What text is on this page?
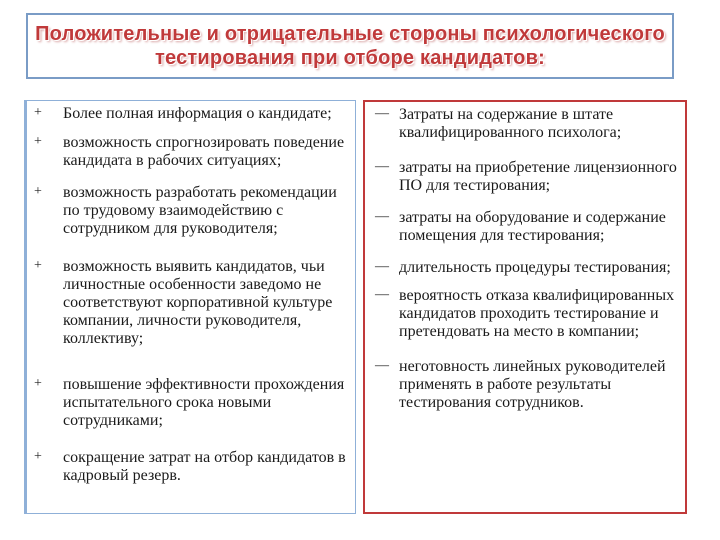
Положительные и отрицательные стороны психологического
тестирования при отборе кандидатов:
+ Более полная информация о кандидате;
+ возможность спрогнозировать поведение кандидата в рабочих ситуациях;
+ возможность разработать рекомендации по трудовому взаимодействию с сотрудником для руководителя;
+ возможность выявить кандидатов, чьи личностные особенности заведомо не соответствуют корпоративной культуре компании, личности руководителя, коллективу;
+ повышение эффективности прохождения испытательного срока новыми сотрудниками;
+ сокращение затрат на отбор кандидатов в кадровый резерв.
— Затраты на содержание в штате квалифицированного психолога;
— затраты на приобретение лицензионного ПО для тестирования;
— затраты на оборудование и содержание помещения для тестирования;
— длительность процедуры тестирования;
— вероятность отказа квалифицированных кандидатов проходить тестирование и претендовать на место в компании;
— неготовность линейных руководителей применять в работе результаты тестирования сотрудников.
